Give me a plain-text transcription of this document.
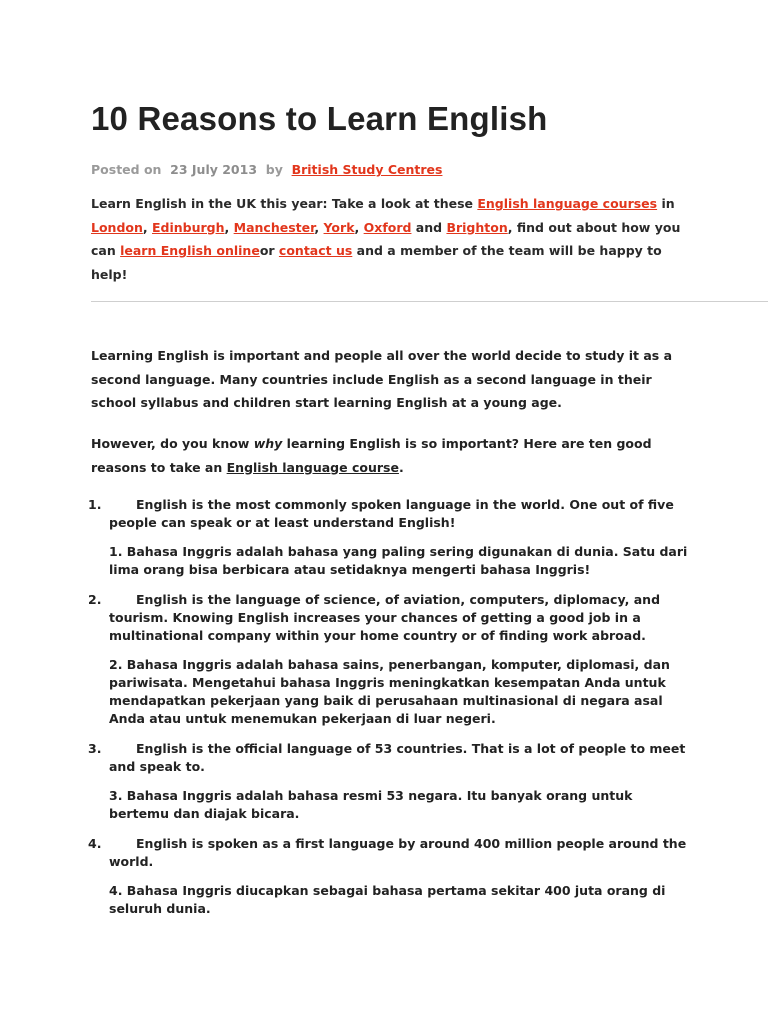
10 Reasons to Learn English
Posted on 23 July 2013 by British Study Centres
Learn English in the UK this year: Take a look at these English language courses in London, Edinburgh, Manchester, York, Oxford and Brighton, find out about how you can learn English onlineor contact us and a member of the team will be happy to help!

Learning English is important and people all over the world decide to study it as a second language. Many countries include English as a second language in their school syllabus and children start learning English at a young age.

However, do you know why learning English is so important? Here are ten good reasons to take an English language course.

1.	English is the most commonly spoken language in the world. One out of five people can speak or at least understand English!
1. Bahasa Inggris adalah bahasa yang paling sering digunakan di dunia. Satu dari lima orang bisa berbicara atau setidaknya mengerti bahasa Inggris!
2.	English is the language of science, of aviation, computers, diplomacy, and tourism. Knowing English increases your chances of getting a good job in a multinational company within your home country or of finding work abroad.
2. Bahasa Inggris adalah bahasa sains, penerbangan, komputer, diplomasi, dan pariwisata. Mengetahui bahasa Inggris meningkatkan kesempatan Anda untuk mendapatkan pekerjaan yang baik di perusahaan multinasional di negara asal Anda atau untuk menemukan pekerjaan di luar negeri.
3.	English is the official language of 53 countries. That is a lot of people to meet and speak to.
3. Bahasa Inggris adalah bahasa resmi 53 negara. Itu banyak orang untuk bertemu dan diajak bicara.
4.	English is spoken as a first language by around 400 million people around the world.
4. Bahasa Inggris diucapkan sebagai bahasa pertama sekitar 400 juta orang di seluruh dunia.
